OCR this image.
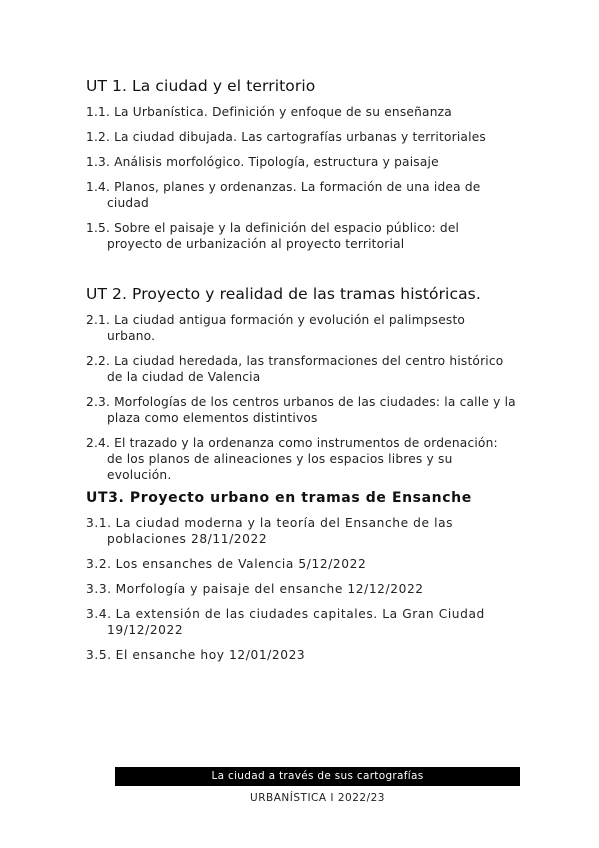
UT 1. La ciudad y el territorio
1.1. La Urbanística. Definición y enfoque de su enseñanza
1.2. La ciudad dibujada. Las cartografías urbanas y territoriales
1.3. Análisis morfológico. Tipología, estructura y paisaje
1.4. Planos, planes y ordenanzas. La formación de una idea de ciudad
1.5. Sobre el paisaje y la definición del espacio público: del proyecto de urbanización al proyecto territorial
UT 2. Proyecto y realidad de las tramas históricas.
2.1. La ciudad antigua formación y evolución el palimpsesto urbano.
2.2. La ciudad heredada, las transformaciones del centro histórico de la ciudad de Valencia
2.3. Morfologías de los centros urbanos de las ciudades: la calle y la plaza como elementos distintivos
2.4. El trazado y la ordenanza como instrumentos de ordenación: de los planos de alineaciones y los espacios libres y su evolución.
UT3. Proyecto urbano en tramas de Ensanche
3.1. La ciudad moderna y la teoría del Ensanche de las poblaciones 28/11/2022
3.2. Los ensanches de Valencia 5/12/2022
3.3. Morfología y paisaje del ensanche 12/12/2022
3.4. La extensión de las ciudades capitales. La Gran Ciudad 19/12/2022
3.5. El ensanche hoy 12/01/2023
La ciudad a través de sus cartografías
URBANÍSTICA I 2022/23
